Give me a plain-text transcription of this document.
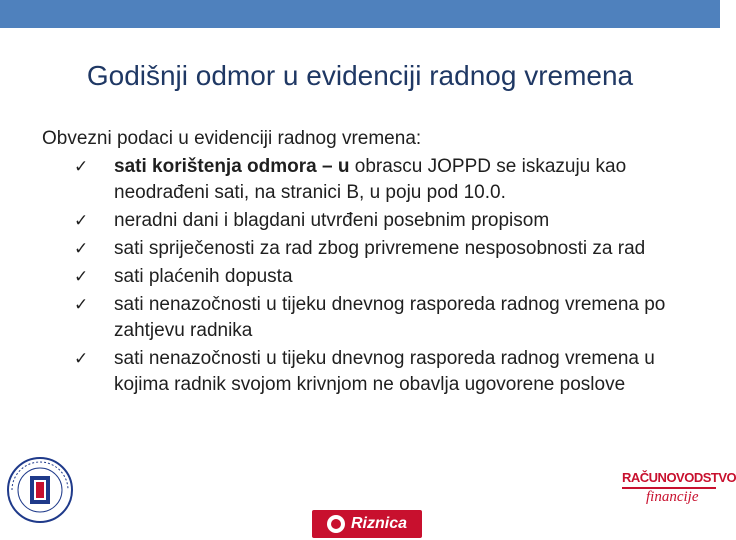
Godišnji odmor u evidenciji radnog vremena

Obvezni podaci u evidenciji radnog vremena:

✓ sati korištenja odmora – u obrascu JOPPD se iskazuju kao neodrađeni sati, na stranici B, u poju pod 10.0.
✓ neradni dani i blagdani utvrđeni posebnim propisom
✓ sati spriječenosti za rad zbog privremene nesposobnosti za rad
✓ sati plaćenih dopusta
✓ sati nenazočnosti u tijeku dnevnog rasporeda radnog vremena po zahtjevu radnika
✓ sati nenazočnosti u tijeku dnevnog rasporeda radnog vremena u kojima radnik svojom krivnjom ne obavlja ugovorene poslove
Riznica
RAČUNOVODSTVO
financije
